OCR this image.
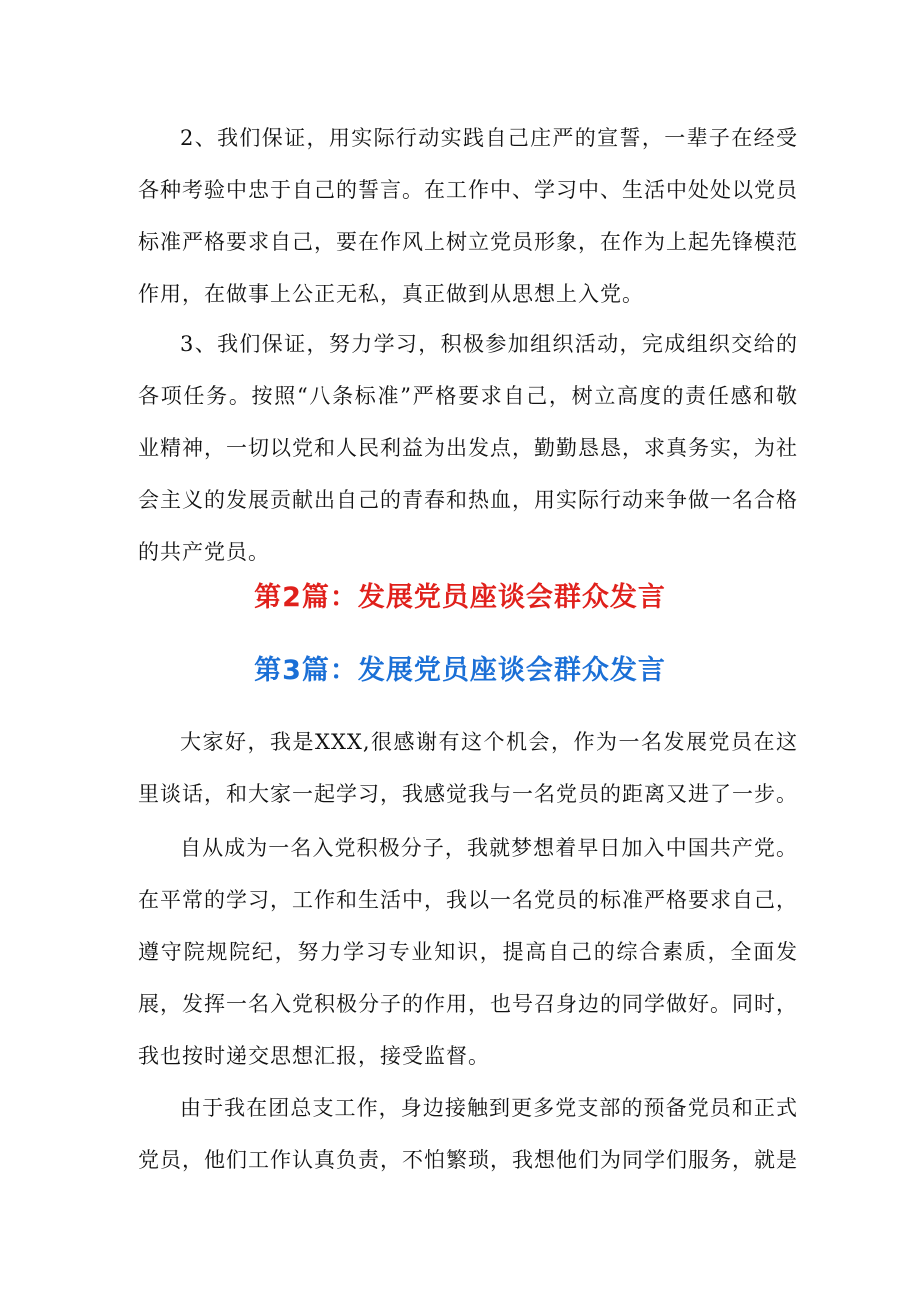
2、我们保证，用实际行动实践自己庄严的宣誓，一辈子在经受各种考验中忠于自己的誓言。在工作中、学习中、生活中处处以党员标准严格要求自己，要在作风上树立党员形象，在作为上起先锋模范作用，在做事上公正无私，真正做到从思想上入党。

3、我们保证，努力学习，积极参加组织活动，完成组织交给的各项任务。按照“八条标准”严格要求自己，树立高度的责任感和敬业精神，一切以党和人民利益为出发点，勤勤恳恳，求真务实，为社会主义的发展贡献出自己的青春和热血，用实际行动来争做一名合格的共产党员。

第2篇：发展党员座谈会群众发言
第3篇：发展党员座谈会群众发言

大家好，我是XXX,很感谢有这个机会，作为一名发展党员在这里谈话，和大家一起学习，我感觉我与一名党员的距离又进了一步。

自从成为一名入党积极分子，我就梦想着早日加入中国共产党。在平常的学习，工作和生活中，我以一名党员的标准严格要求自己，遵守院规院纪，努力学习专业知识，提高自己的综合素质，全面发展，发挥一名入党积极分子的作用，也号召身边的同学做好。同时，我也按时递交思想汇报，接受监督。

由于我在团总支工作，身边接触到更多党支部的预备党员和正式党员，他们工作认真负责，不怕繁琐，我想他们为同学们服务，就是
